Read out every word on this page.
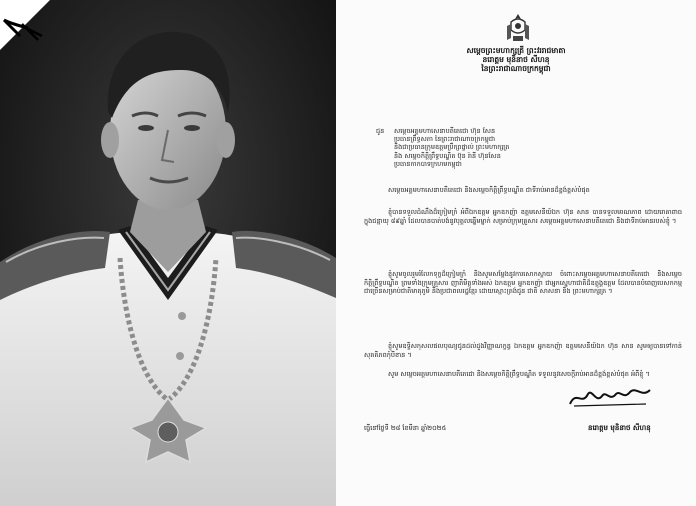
សម្តេចព្រះមហាក្សត្រី ព្រះវររាជមាតា
នរោត្តម មុនិនាថ សីហនុ
នៃព្រះរាជាណាចក្រកម្ពុជា
ជូន សម្តេចអគ្គមហាសេនាបតីតេជោ ហ៊ុន សែន
ប្រធានព្រឹទ្ធសភា នៃព្រះរាជាណាចក្រកម្ពុជា
និងជាប្រធានក្រុមឧត្តមប្រឹក្សាផ្ទាល់ ព្រះមហាក្សត្រ
និង សម្តេចកិត្តិព្រឹទ្ធបណ្ឌិត ប៊ុន រ៉ានី ហ៊ុនសែន
ប្រធានកាកបាទក្រហមកម្ពុជា
សម្តេចអគ្គមហាសេនាបតីតេជោ និងសម្តេចកិត្តិព្រឹទ្ធបណ្ឌិត ជាទីរាប់អានដ៏ខ្ពង់ខ្ពស់បំផុត
ខ្ញុំបានទទួលដំណឹងដ៏ក្រៀមក្រំ អំពីឯកឧត្តម អ្នកឧកញ៉ា ឧត្តមសេនីយ៍ឯក ហ៊ុន សាន បានទទួលមរណភាព ដោយរោគាពាធ ក្នុងជន្មាយុ ៨៩ឆ្នាំ ដែលបានបាត់បង់នូវបុគ្គលឆ្នើមម្នាក់ សម្រាប់ក្រុមគ្រួសារ សម្តេចអគ្គមហាសេនាបតីតេជោ និងជាទីរាប់អានរបស់ខ្ញុំ ។
ខ្ញុំសូមចូលរួមរំលែកទុក្ខដ៏ក្រៀមក្រំ និងសូមសម្តែងនូវការសោកស្តាយ ចំពោះសម្តេចអគ្គមហាសេនាបតីតេជោ និងសម្តេចកិត្តិព្រឹទ្ធបណ្ឌិត ព្រមទាំងក្រុមគ្រួសារ ញាតិមិត្តទាំងអស់ ឯកឧត្តម អ្នកឧកញ៉ា ជាអ្នកស្នេហាជាតិដ៏ឧត្តុង្គឧត្តម ដែលបានបំពេញបេសកកម្មជាច្រើនសម្រាប់ជាតិមាតុភូមិ និងប្រជាពលរដ្ឋខ្មែរ ដោយស្មោះត្រង់ជូន ជាតិ សាសនា និង ព្រះមហាក្សត្រ ។
ខ្ញុំសូមឧទ្ទិសកុសលផលបុណ្យជូនដល់ដួងវិញ្ញាណក្ខន្ធ ឯកឧត្តម អ្នកឧកញ៉ា ឧត្តមសេនីយ៍ឯក ហ៊ុន សាន សូមឲ្យបានទៅកាន់សុគតិភពកុំបីខាន ។
សូម សម្តេចអគ្គមហាសេនាបតីតេជោ និងសម្តេចកិត្តិព្រឹទ្ធបណ្ឌិត ទទួលនូវសេចក្តីរាប់អានដ៏ខ្ពង់ខ្ពស់បំផុត អំពីខ្ញុំ ។
ធ្វើនៅថ្ងៃទី ២៨ ខែមីនា ឆ្នាំ២០២៥	នរោត្តម មុនិនាថ សីហនុ
